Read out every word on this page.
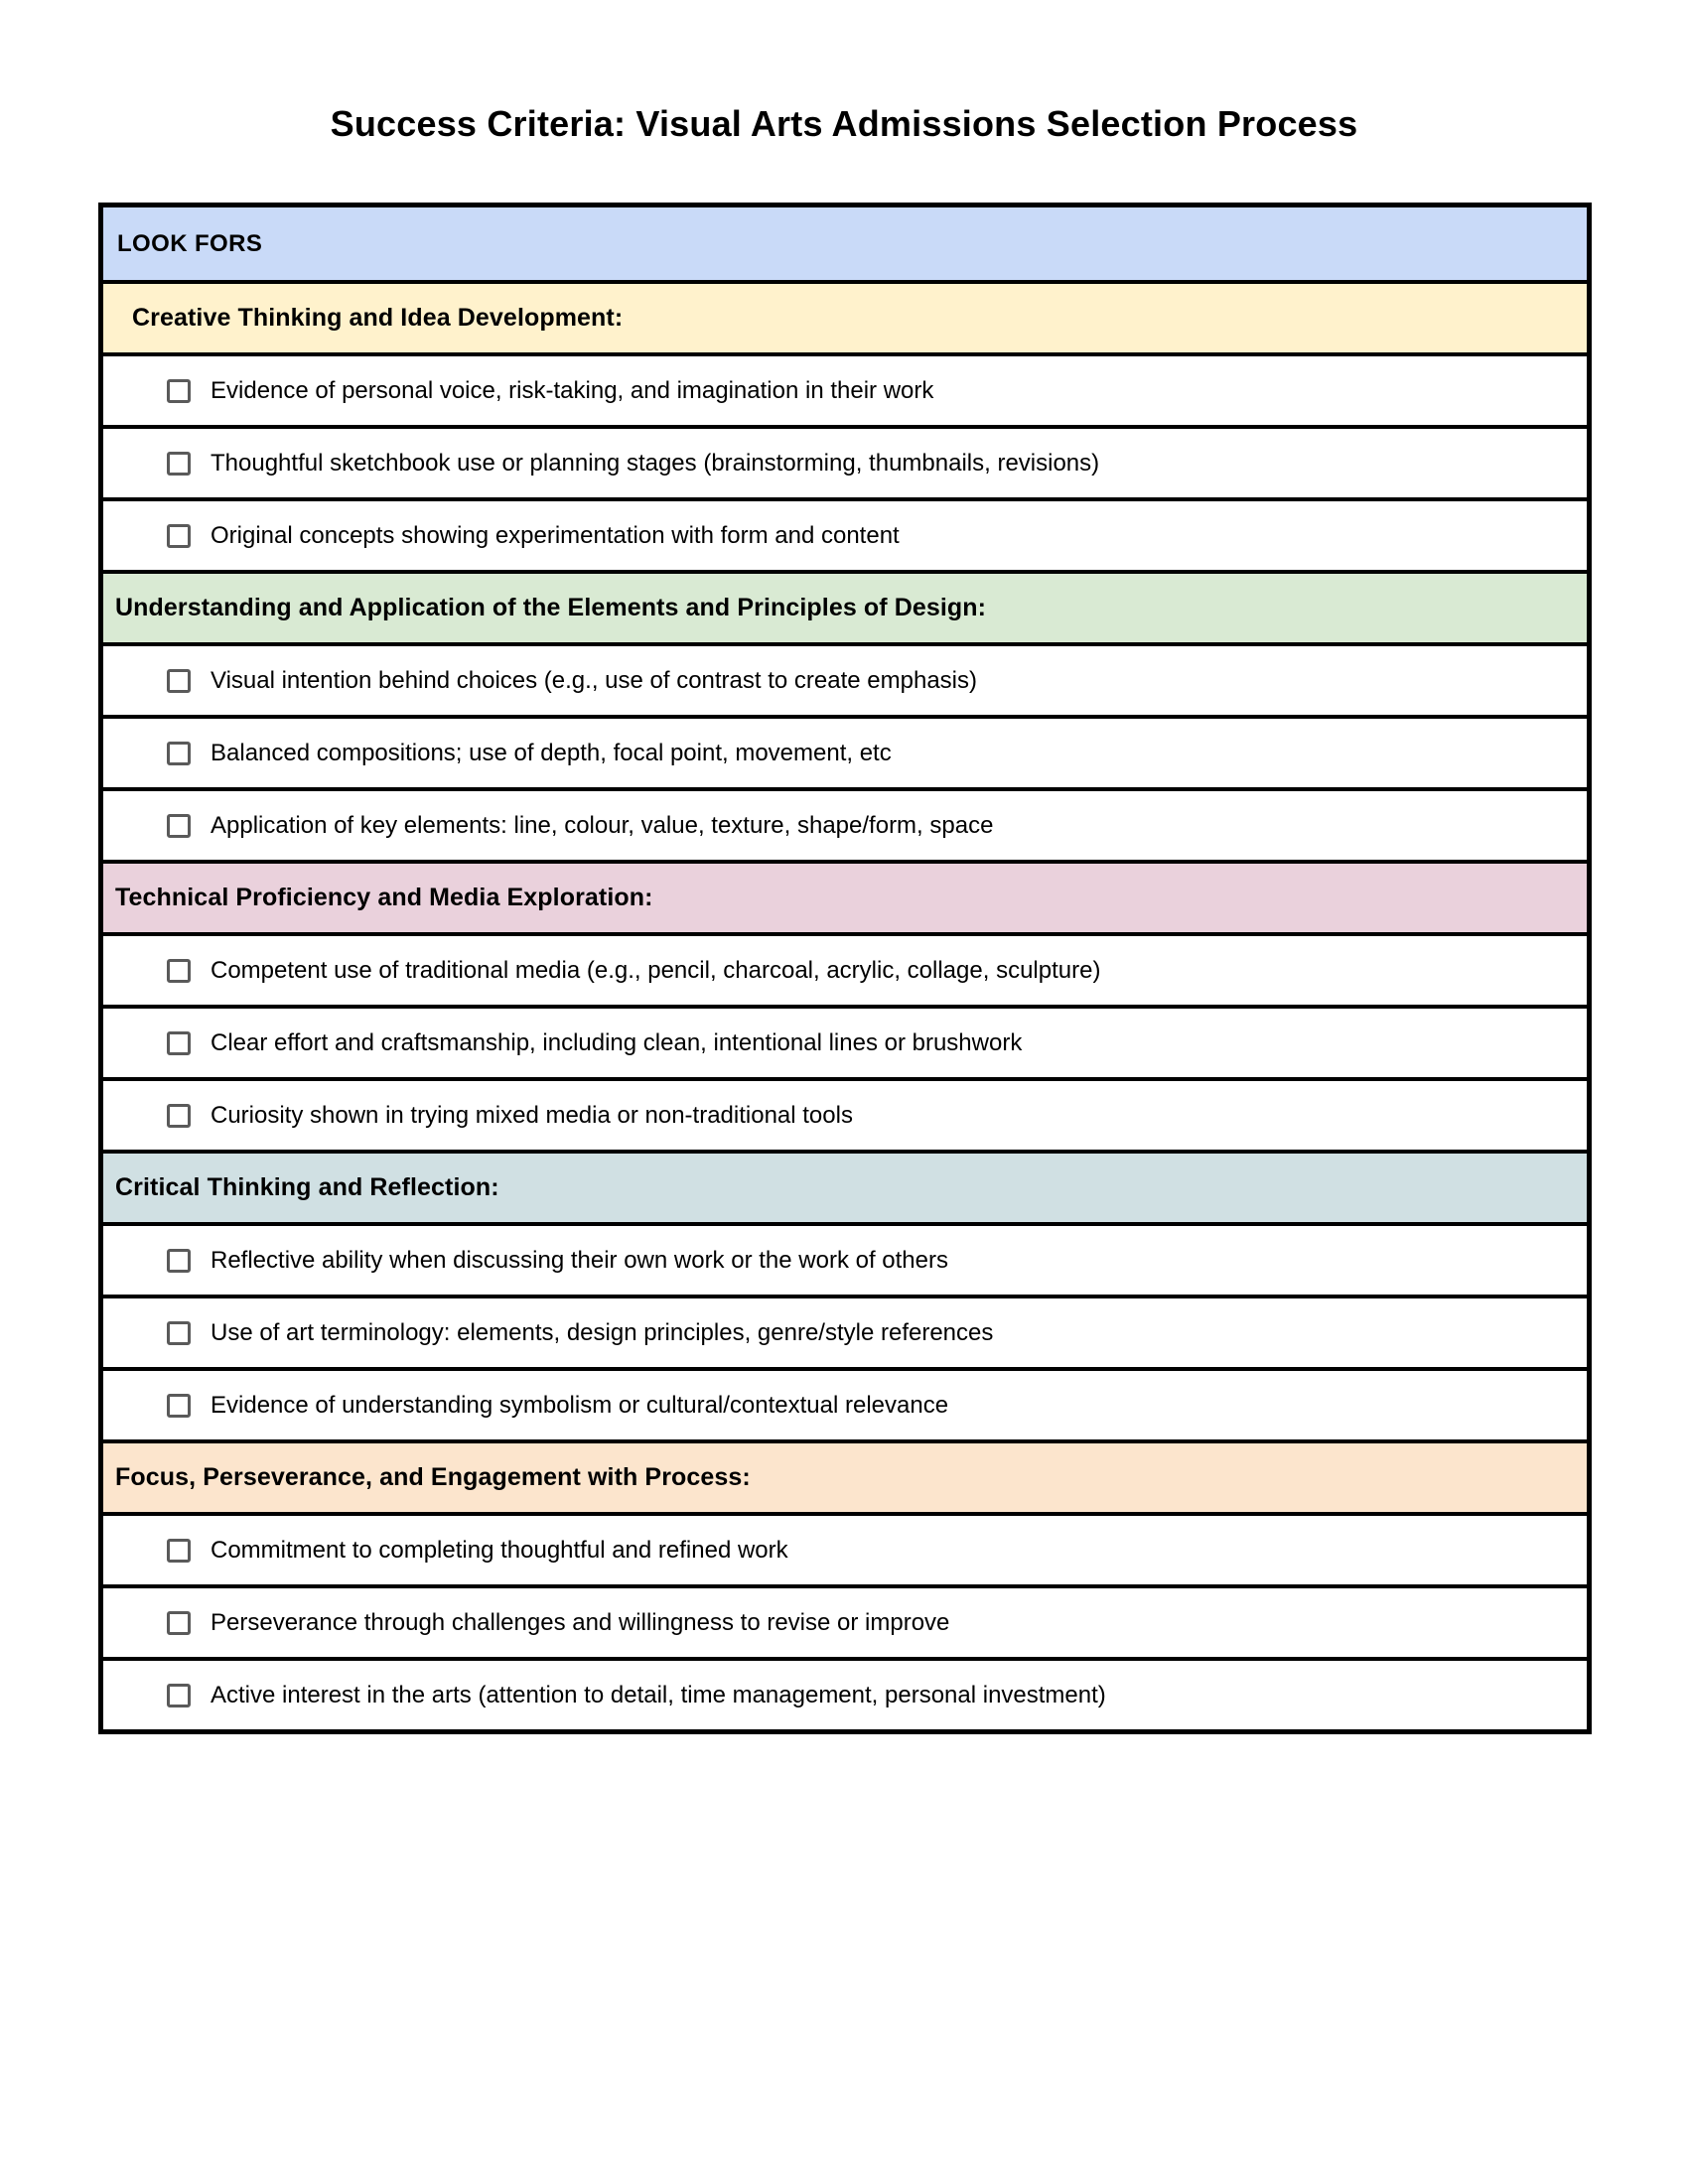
Success Criteria: Visual Arts Admissions Selection Process
LOOK FORS
Creative Thinking and Idea Development:
Evidence of personal voice, risk-taking, and imagination in their work
Thoughtful sketchbook use or planning stages (brainstorming, thumbnails, revisions)
Original concepts showing experimentation with form and content
Understanding and Application of the Elements and Principles of Design:
Visual intention behind choices (e.g., use of contrast to create emphasis)
Balanced compositions; use of depth, focal point, movement, etc
Application of key elements: line, colour, value, texture, shape/form, space
Technical Proficiency and Media Exploration:
Competent use of traditional media (e.g., pencil, charcoal, acrylic, collage, sculpture)
Clear effort and craftsmanship, including clean, intentional lines or brushwork
Curiosity shown in trying mixed media or non-traditional tools
Critical Thinking and Reflection:
Reflective ability when discussing their own work or the work of others
Use of art terminology: elements, design principles, genre/style references
Evidence of understanding symbolism or cultural/contextual relevance
Focus, Perseverance, and Engagement with Process:
Commitment to completing thoughtful and refined work
Perseverance through challenges and willingness to revise or improve
Active interest in the arts (attention to detail, time management, personal investment)
